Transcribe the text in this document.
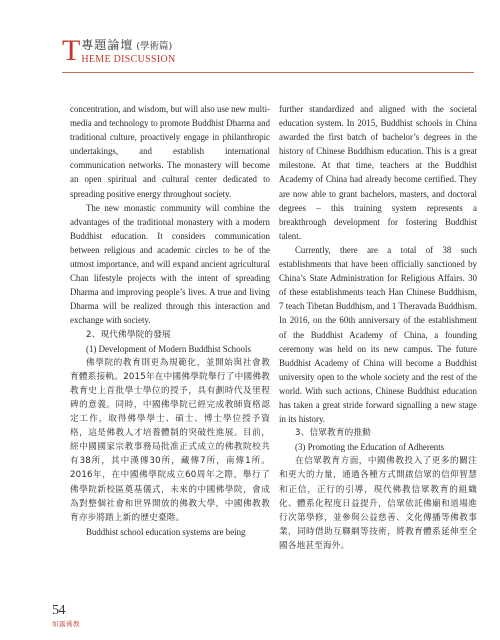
T 專題論壇 (學術篇)
HEME DISCUSSION

concentration, and wisdom, but will also use new multi-media and technology to promote Buddhist Dharma and traditional culture, proactively engage in philanthropic undertakings, and establish international communication networks. The monastery will become an open spiritual and cultural center dedicated to spreading positive energy throughout society.

The new monastic community will combine the advantages of the traditional monastery with a modern Buddhist education. It considers communication between religious and academic circles to be of the utmost importance, and will expand ancient agricultural Chan lifestyle projects with the intent of spreading Dharma and improving people’s lives. A true and living Dharma will be realized through this interaction and exchange with society.

2、現代佛學院的發展

(1) Development of Modern Buddhist Schools

佛學院的教育則更為規範化，並開始與社會教育體系接軌。2015年在中國佛學院舉行了中國佛教教育史上首批學士學位的授予，具有劃時代及里程碑的意義。同時，中國佛學院已經完成教師資格認定工作，取得佛學學士、碩士、博士學位授予資格，這是佛教人才培養體制的突破性進展。目前，經中國國家宗教事務局批准正式成立的佛教院校共有38所，其中漢傳30所，藏傳7所，南傳1所。2016年，在中國佛學院成立60周年之際，舉行了佛學院新校區奠基儀式，未來的中國佛學院，會成為對整個社會和世界開放的佛教大學，中國佛教教育亦步將踏上新的歷史臺階。

Buddhist school education systems are being

further standardized and aligned with the societal education system. In 2015, Buddhist schools in China awarded the first batch of bachelor’s degrees in the history of Chinese Buddhism education. This is a great milestone. At that time, teachers at the Buddhist Academy of China had already become certified. They are now able to grant bachelors, masters, and doctoral degrees – this training system represents a breakthrough development for fostering Buddhist talent.

Currently, there are a total of 38 such establishments that have been officially sanctioned by China’s State Administration for Religious Affairs. 30 of these establishments teach Han Chinese Buddhism, 7 teach Tibetan Buddhism, and 1 Theravada Buddhism. In 2016, on the 60th anniversary of the establishment of the Buddhist Academy of China, a founding ceremony was held on its new campus. The future Buddhist Academy of China will become a Buddhist university open to the whole society and the rest of the world. With such actions, Chinese Buddhist education has taken a great stride forward signalling a new stage in its history.

3、信眾教育的推動

(3) Promoting the Education of Adherents

在信眾教育方面，中國佛教投入了更多的關注和更大的力量，通過各種方式開啟信眾的信仰智慧和正信，正行的引導，現代佛教信眾教育的組織化、體系化程度日益提升，信眾依託佛廟和道場進行次第學修，並參與公益慈善、文化傳播等佛教事業，同時借助互聯網等技術，將教育體系延伸至全國各地甚至海外。

54
如露佛教
